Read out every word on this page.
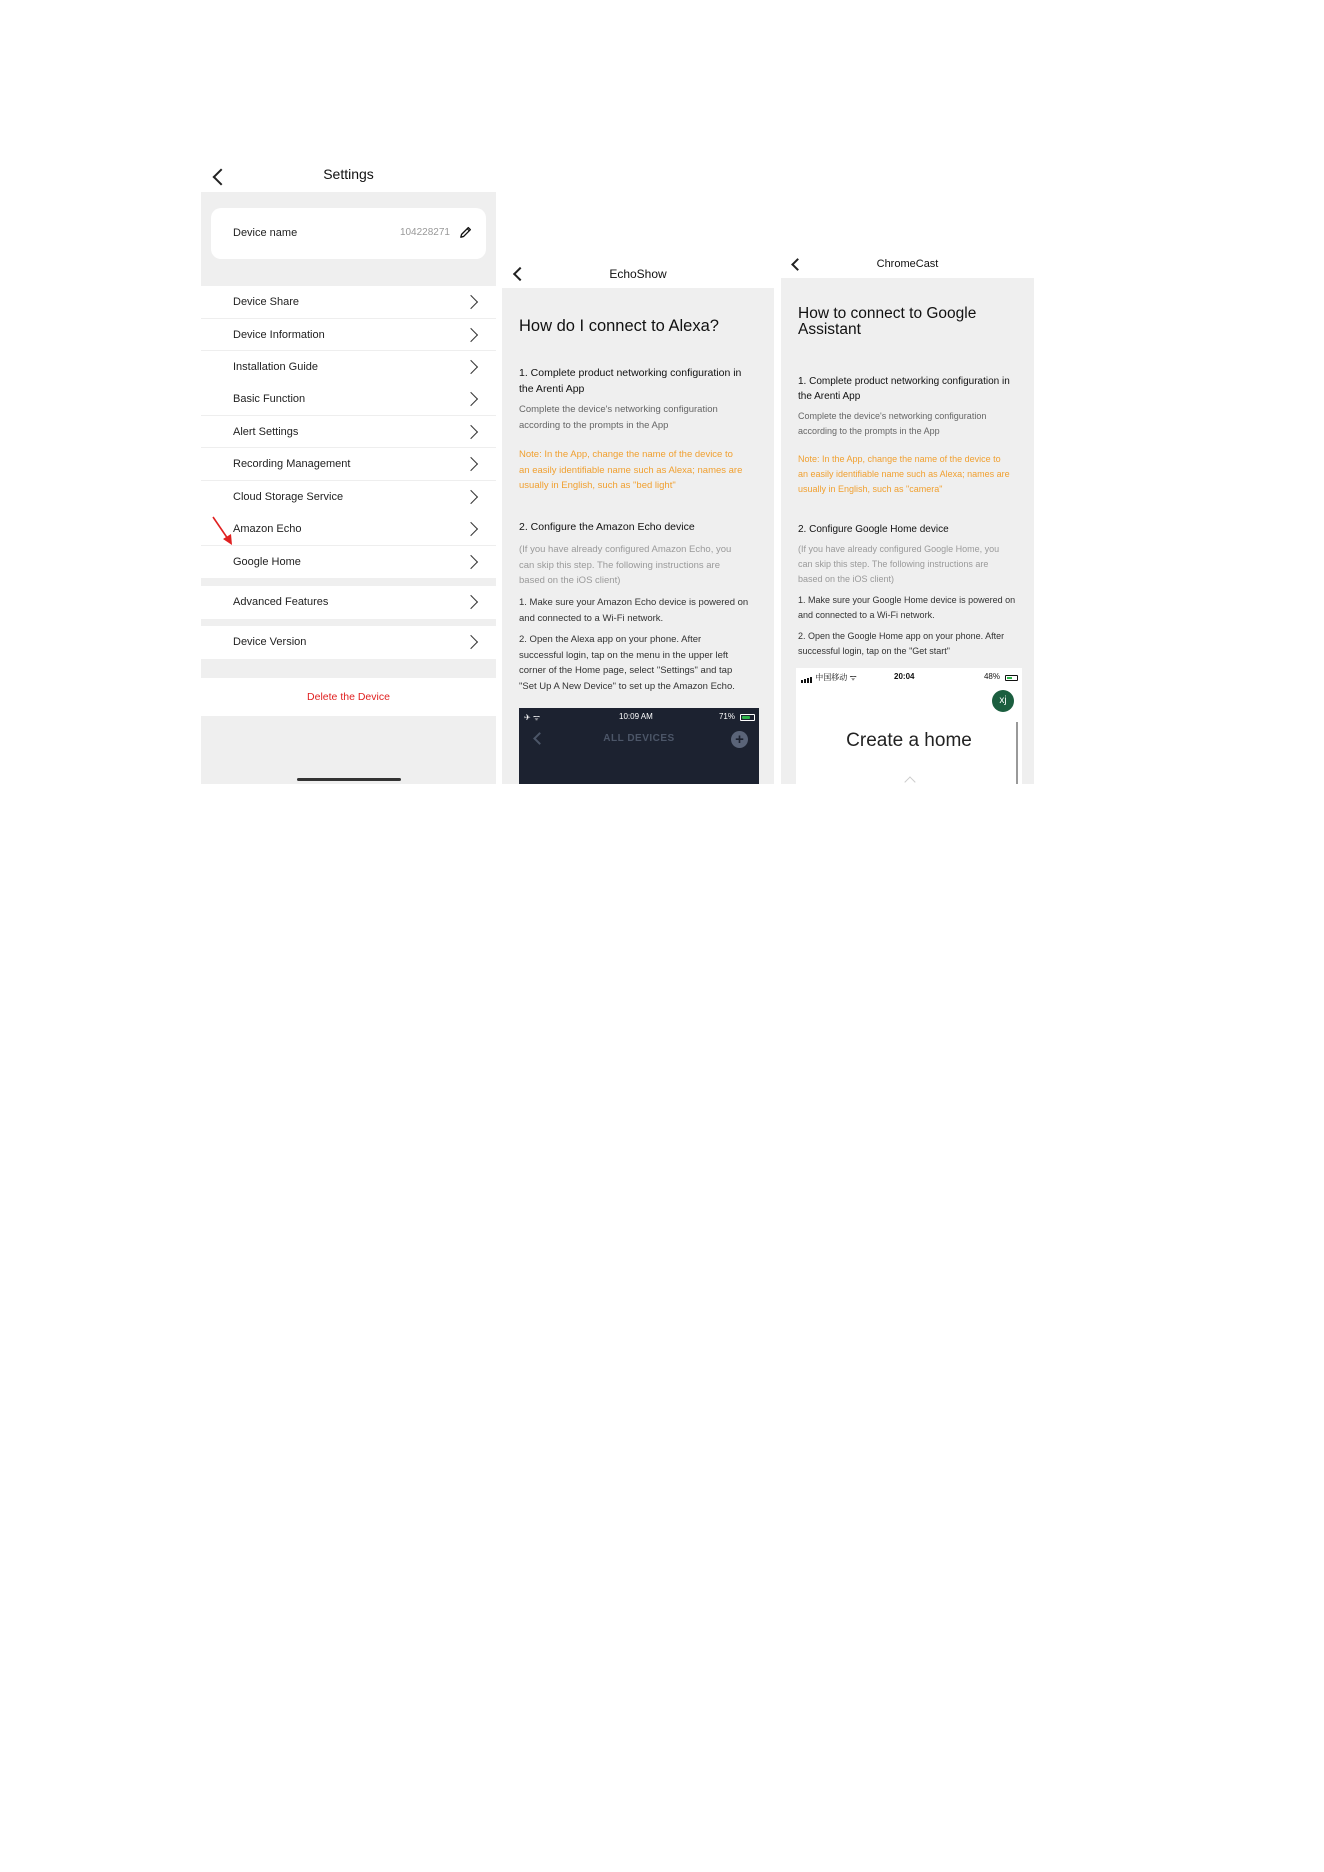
Settings
Device name	104228271
Device Share
Device Information
Installation Guide
Basic Function
Alert Settings
Recording Management
Cloud Storage Service
Amazon Echo
Google Home
Advanced Features
Device Version
Delete the Device
EchoShow
How do I connect to Alexa?
1. Complete product networking configuration in
the Arenti App
Complete the device's networking configuration
according to the prompts in the App
Note: In the App, change the name of the device to
an easily identifiable name such as Alexa; names are
usually in English, such as "bed light"
2. Configure the Amazon Echo device
(If you have already configured Amazon Echo, you
can skip this step. The following instructions are
based on the iOS client)
1. Make sure your Amazon Echo device is powered on
and connected to a Wi-Fi network.
2. Open the Alexa app on your phone. After
successful login, tap on the menu in the upper left
corner of the Home page, select "Settings" and tap
"Set Up A New Device" to set up the Amazon Echo.
✈ ᯤ	10:09 AM	71%
ALL DEVICES	+
ChromeCast
How to connect to Google
Assistant
1. Complete product networking configuration in
the Arenti App
Complete the device's networking configuration
according to the prompts in the App
Note: In the App, change the name of the device to
an easily identifiable name such as Alexa; names are
usually in English, such as "camera"
2. Configure Google Home device
(If you have already configured Google Home, you
can skip this step. The following instructions are
based on the iOS client)
1. Make sure your Google Home device is powered on
and connected to a Wi-Fi network.
2. Open the Google Home app on your phone. After
successful login, tap on the "Get start"
中国移动 ᯤ	20:04	48%
xj
Create a home
